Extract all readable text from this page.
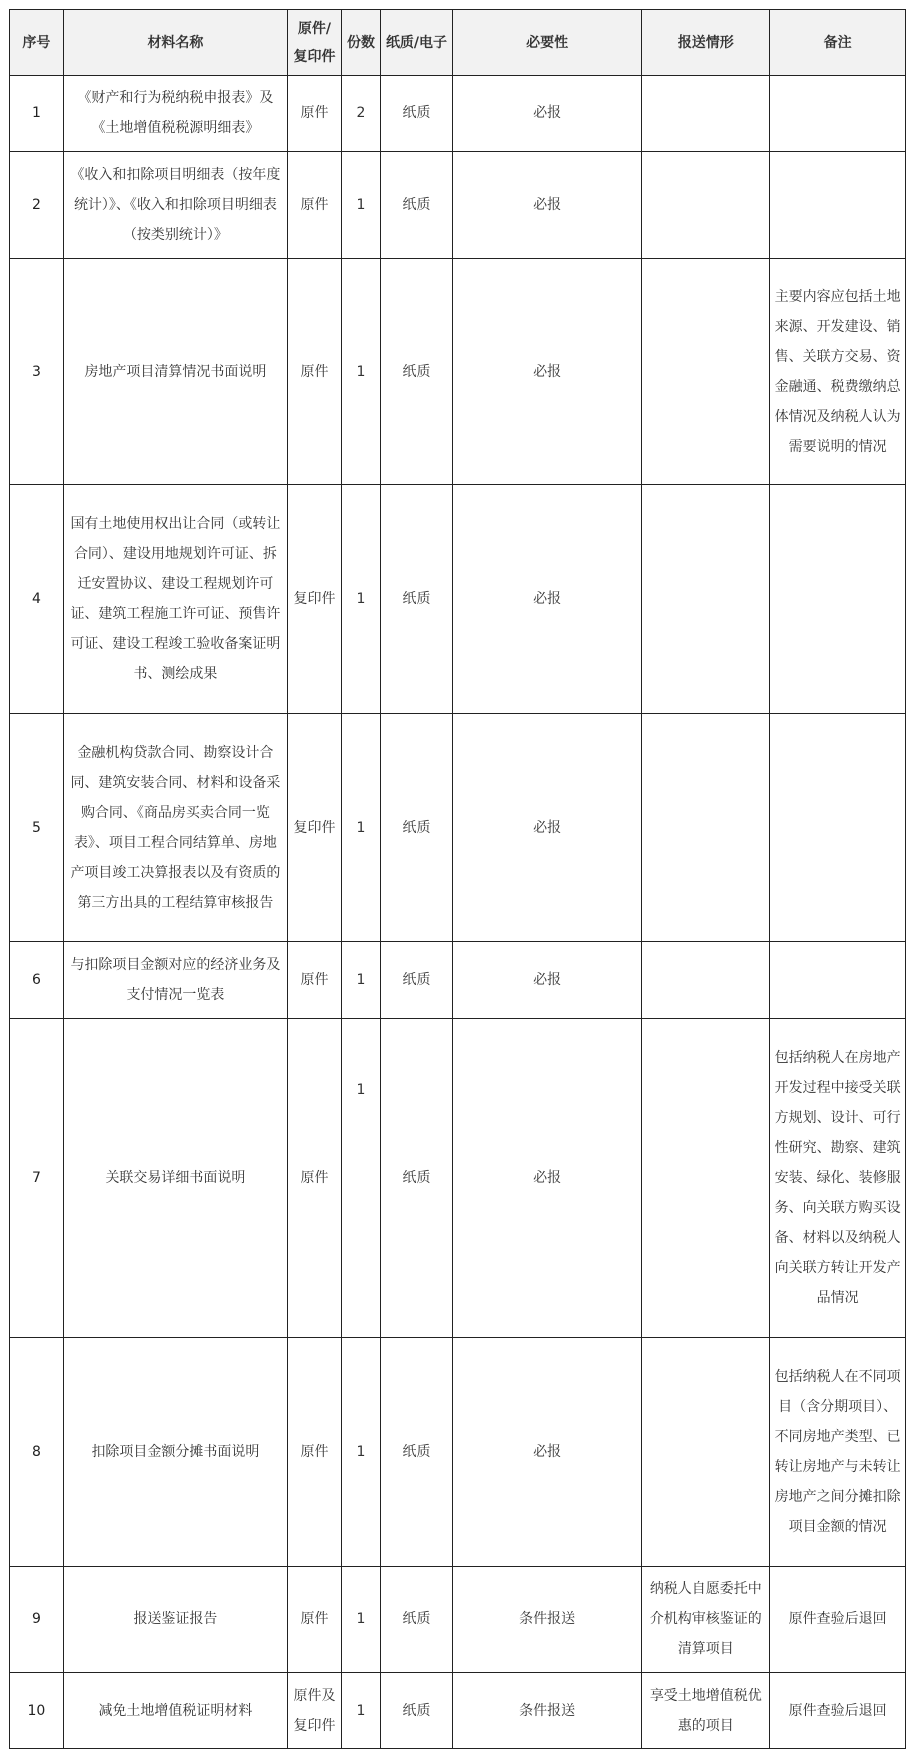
序号	材料名称	原件/复印件	份数	纸质/电子	必要性	报送情形	备注
1	《财产和行为税纳税申报表》及《土地增值税税源明细表》	原件	2	纸质	必报		
2	《收入和扣除项目明细表（按年度统计）》、《收入和扣除项目明细表（按类别统计）》	原件	1	纸质	必报		
3	房地产项目清算情况书面说明	原件	1	纸质	必报		主要内容应包括土地来源、开发建设、销售、关联方交易、资金融通、税费缴纳总体情况及纳税人认为需要说明的情况
4	国有土地使用权出让合同（或转让合同）、建设用地规划许可证、拆迁安置协议、建设工程规划许可证、建筑工程施工许可证、预售许可证、建设工程竣工验收备案证明书、测绘成果	复印件	1	纸质	必报		
5	金融机构贷款合同、勘察设计合同、建筑安装合同、材料和设备采购合同、《商品房买卖合同一览表》、项目工程合同结算单、房地产项目竣工决算报表以及有资质的第三方出具的工程结算审核报告	复印件	1	纸质	必报		
6	与扣除项目金额对应的经济业务及支付情况一览表	原件	1	纸质	必报		
7	关联交易详细书面说明	原件	1	纸质	必报		包括纳税人在房地产开发过程中接受关联方规划、设计、可行性研究、勘察、建筑安装、绿化、装修服务、向关联方购买设备、材料以及纳税人向关联方转让开发产品情况
8	扣除项目金额分摊书面说明	原件	1	纸质	必报		包括纳税人在不同项目（含分期项目）、不同房地产类型、已转让房地产与未转让房地产之间分摊扣除项目金额的情况
9	报送鉴证报告	原件	1	纸质	条件报送	纳税人自愿委托中介机构审核鉴证的清算项目	原件查验后退回
10	减免土地增值税证明材料	原件及复印件	1	纸质	条件报送	享受土地增值税优惠的项目	原件查验后退回
